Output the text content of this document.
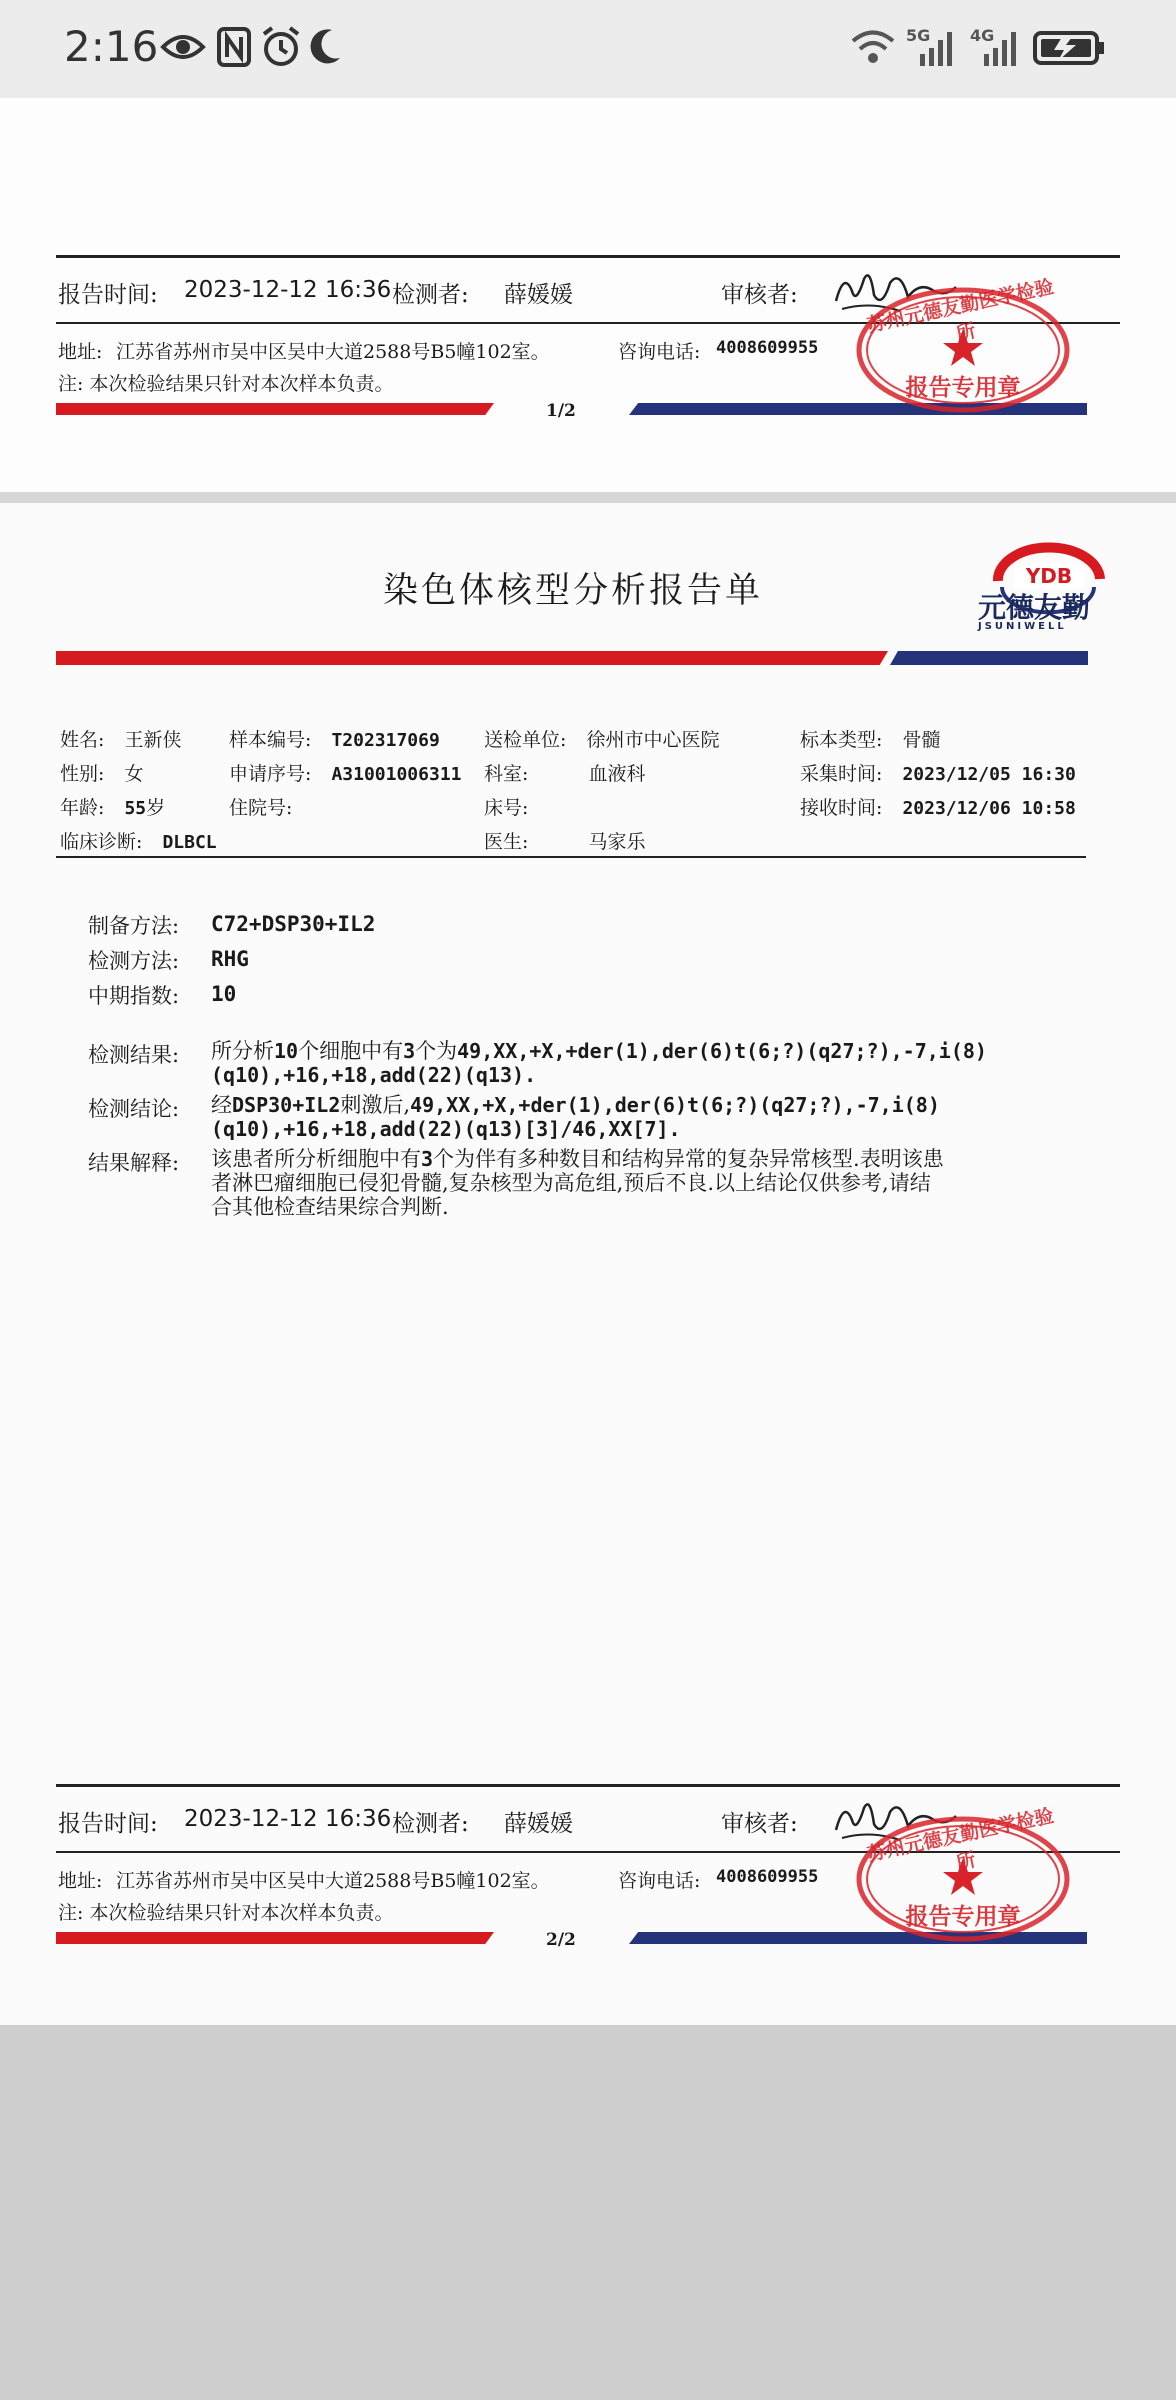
2:16	5G 4G
报告时间: 2023-12-12 16:36 检测者: 薛媛媛	审核者:
地址: 江苏省苏州市吴中区吴中大道2588号B5幢102室。	咨询电话: 4008609955
注: 本次检验结果只针对本次样本负责。
1/2
苏州元德友勤医学检验所
报告专用章
染色体核型分析报告单	YDB
元德友勤
JSUNIWELL
姓名: 王新侠	样本编号: T202317069 送检单位: 徐州市中心医院	标本类型: 骨髓
性别: 女	申请序号: A31001006311 科室:	血液科	采集时间: 2023/12/05 16:30
年龄: 55岁	住院号:	床号:	接收时间: 2023/12/06 10:58
临床诊断: DLBCL	医生:	马家乐
制备方法: C72+DSP30+IL2
检测方法: RHG
中期指数: 10
检测结果: 所分析10个细胞中有3个为49,XX,+X,+der(1),der(6)t(6;?)(q27;?),-7,i(8)
(q10),+16,+18,add(22)(q13).
检测结论: 经DSP30+IL2刺激后,49,XX,+X,+der(1),der(6)t(6;?)(q27;?),-7,i(8)
(q10),+16,+18,add(22)(q13)[3]/46,XX[7].
结果解释: 该患者所分析细胞中有3个为伴有多种数目和结构异常的复杂异常核型.表明该患
者淋巴瘤细胞已侵犯骨髓,复杂核型为高危组,预后不良.以上结论仅供参考,请结
合其他检查结果综合判断.
报告时间: 2023-12-12 16:36 检测者: 薛媛媛	审核者:
地址: 江苏省苏州市吴中区吴中大道2588号B5幢102室。	咨询电话: 4008609955
注: 本次检验结果只针对本次样本负责。
2/2
苏州元德友勤医学检验所
报告专用章
